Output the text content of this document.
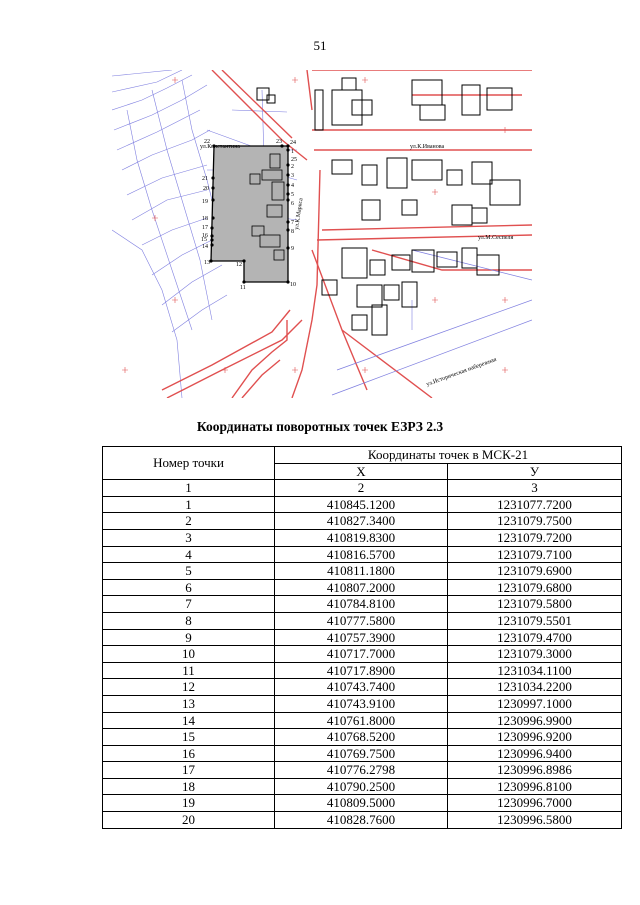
51
1
2
3
4
5
6
7
8
9
10
11
12
13
14
15
16
17
18
19
20
21
22	23 24
25
ул.Константина	ул.К.Иванова
ул.М.Сеспеля
ул.К.Маркса
ул.Историческая набережная
Координаты поворотных точек ЕЗРЗ 2.3
Номер точки	Координаты точек в МСК-21	
	X	У
1	2	3
1	410845.1200	1231077.7200
2	410827.3400	1231079.7500
3	410819.8300	1231079.7200
4	410816.5700	1231079.7100
5	410811.1800	1231079.6900
6	410807.2000	1231079.6800
7	410784.8100	1231079.5800
8	410777.5800	1231079.5501
9	410757.3900	1231079.4700
10	410717.7000	1231079.3000
11	410717.8900	1231034.1100
12	410743.7400	1231034.2200
13	410743.9100	1230997.1000
14	410761.8000	1230996.9900
15	410768.5200	1230996.9200
16	410769.7500	1230996.9400
17	410776.2798	1230996.8986
18	410790.2500	1230996.8100
19	410809.5000	1230996.7000
20	410828.7600	1230996.5800
